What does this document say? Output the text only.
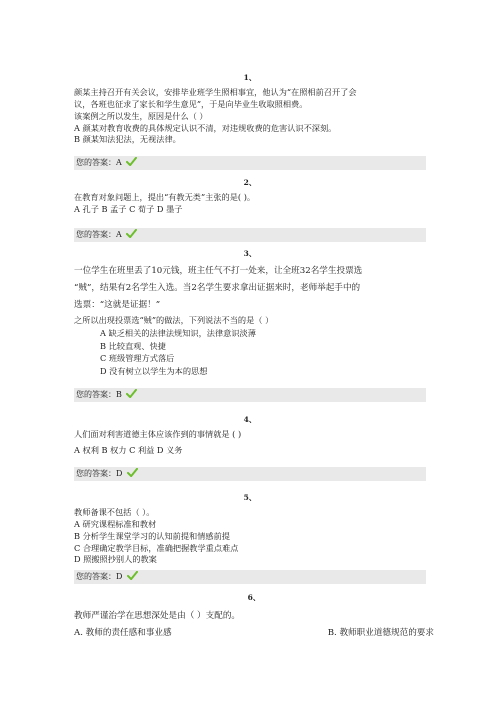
1、
颜某主持召开有关会议，安排毕业班学生照相事宜，他认为“在照相前召开了会
议，各班也征求了家长和学生意见”，于是向毕业生收取照相费。
该案例之所以发生，原因是什么（ ）
A 颜某对教育收费的具体规定认识不清，对违规收费的危害认识不深刻。
B 颜某知法犯法，无视法律。
您的答案：A
2、
在教育对象问题上，提出“有教无类”主张的是( )。
A 孔子 B 孟子 C 荀子 D 墨子
您的答案：A
3、
一位学生在班里丢了10元钱，班主任气不打一处来，让全班32名学生投票选
“贼”，结果有2名学生入选。当2名学生要求拿出证据来时，老师举起手中的
选票：“这就是证据！”
之所以出现投票选“贼”的做法，下列说法不当的是（ ）
A 缺乏相关的法律法规知识，法律意识淡薄
B 比较直观、快捷
C 班级管理方式落后
D 没有树立以学生为本的思想
您的答案：B
4、
人们面对利害道德主体应该作到的事情就是 ( )
A 权利 B 权力 C 利益 D 义务
您的答案：D
5、
教师备课不包括（ ）。
A 研究课程标准和教材
B 分析学生课堂学习的认知前提和情感前提
C 合理确定教学目标，准确把握教学重点难点
D 照搬照抄别人的教案
您的答案：D
6、
教师严谨治学在思想深处是由（ ）支配的。
A. 教师的责任感和事业感	B. 教师职业道德规范的要求
